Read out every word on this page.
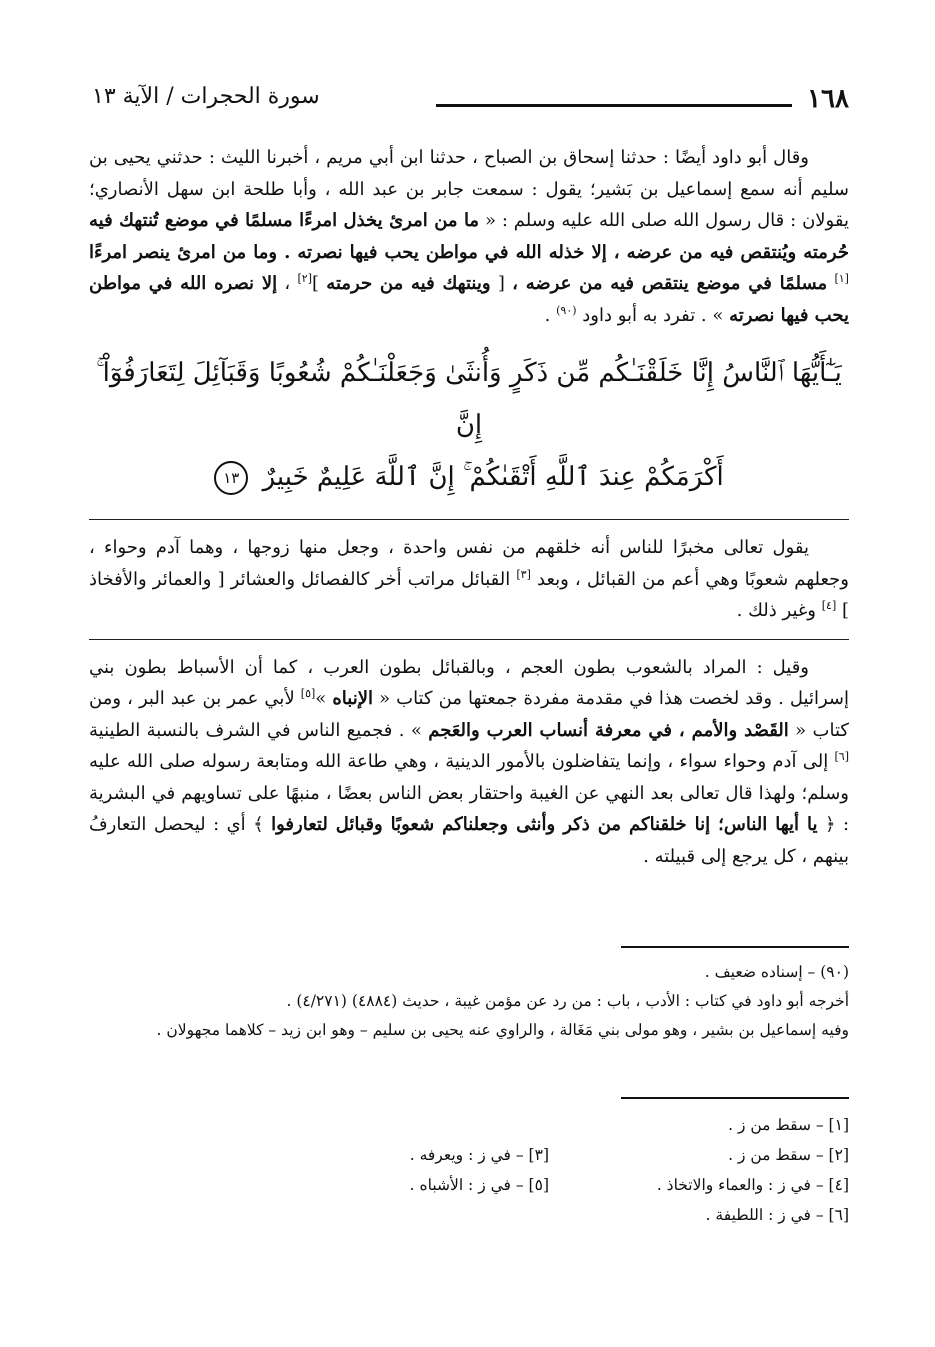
١٦٨
سورة الحجرات / الآية ١٣

وقال أبو داود أيضًا : حدثنا إسحاق بن الصباح ، حدثنا ابن أبي مريم ، أخبرنا الليث : حدثني يحيى بن سليم أنه سمع إسماعيل بن بَشير؛ يقول : سمعت جابر بن عبد الله ، وأبا طلحة ابن سهل الأنصاري؛ يقولان : قال رسول الله صلى الله عليه وسلم : « ما من امرئ يخذل امرءًا مسلمًا في موضع تُنتهك فيه حُرمته ويُنتقص فيه من عرضه ، إلا خذله الله في مواطن يحب فيها نصرته . وما من امرئ ينصر امرءًا [١] مسلمًا في موضع ينتقص فيه من عرضه ، [ وينتهك فيه من حرمته ][٢] ، إلا نصره الله في مواطن يحب فيها نصرته » . تفرد به أبو داود $^{(٩٠)}$ .

يَـٰٓأَيُّهَا ٱلنَّاسُ إِنَّا خَلَقْنَـٰكُم مِّن ذَكَرٍ وَأُنثَىٰ وَجَعَلْنَـٰكُمْ شُعُوبًا وَقَبَآئِلَ لِتَعَارَفُوٓاْ ۚ إِنَّ
أَكْرَمَكُمْ عِندَ ٱللَّهِ أَتْقَىٰكُمْ ۚ إِنَّ ٱللَّهَ عَلِيمٌ خَبِيرٌ ١٣

يقول تعالى مخبرًا للناس أنه خلقهم من نفس واحدة ، وجعل منها زوجها ، وهما آدم وحواء ، وجعلهم شعوبًا وهي أعم من القبائل ، وبعد [٣] القبائل مراتب أخر كالفصائل والعشائر [ والعمائر والأفخاذ ] [٤] وغير ذلك .

وقيل : المراد بالشعوب بطون العجم ، وبالقبائل بطون العرب ، كما أن الأسباط بطون بني إسرائيل . وقد لخصت هذا في مقدمة مفردة جمعتها من كتاب « الإنباه »[٥] لأبي عمر بن عبد البر ، ومن كتاب « القَصْد والأمم ، في معرفة أنساب العرب والعَجم » . فجميع الناس في الشرف بالنسبة الطينية [٦] إلى آدم وحواء سواء ، وإنما يتفاضلون بالأمور الدينية ، وهي طاعة الله ومتابعة رسوله صلى الله عليه وسلم؛ ولهذا قال تعالى بعد النهي عن الغيبة واحتقار بعض الناس بعضًا ، منبهًا على تساويهم في البشرية : ﴿ يا أيها الناس؛ إنا خلقناكم من ذكر وأنثى وجعلناكم شعوبًا وقبائل لتعارفوا ﴾ أي : ليحصل التعارفُ بينهم ، كل يرجع إلى قبيلته .

(٩٠) – إسناده ضعيف .
أخرجه أبو داود في كتاب : الأدب ، باب : من رد عن مؤمن غيبة ، حديث (٤٨٨٤) (٤/٢٧١) .
وفيه إسماعيل بن بشير ، وهو مولى بني مَغَالة ، والراوي عنه يحيى بن سليم – وهو ابن زيد – كلاهما مجهولان .
[١] – سقط من ز .
[٢] – سقط من ز .
[٣] – في ز : ويعرفه .
[٤] – في ز : والعماء والاتخاذ .
[٥] – في ز : الأشباه .
[٦] – في ز : اللطيفة .
